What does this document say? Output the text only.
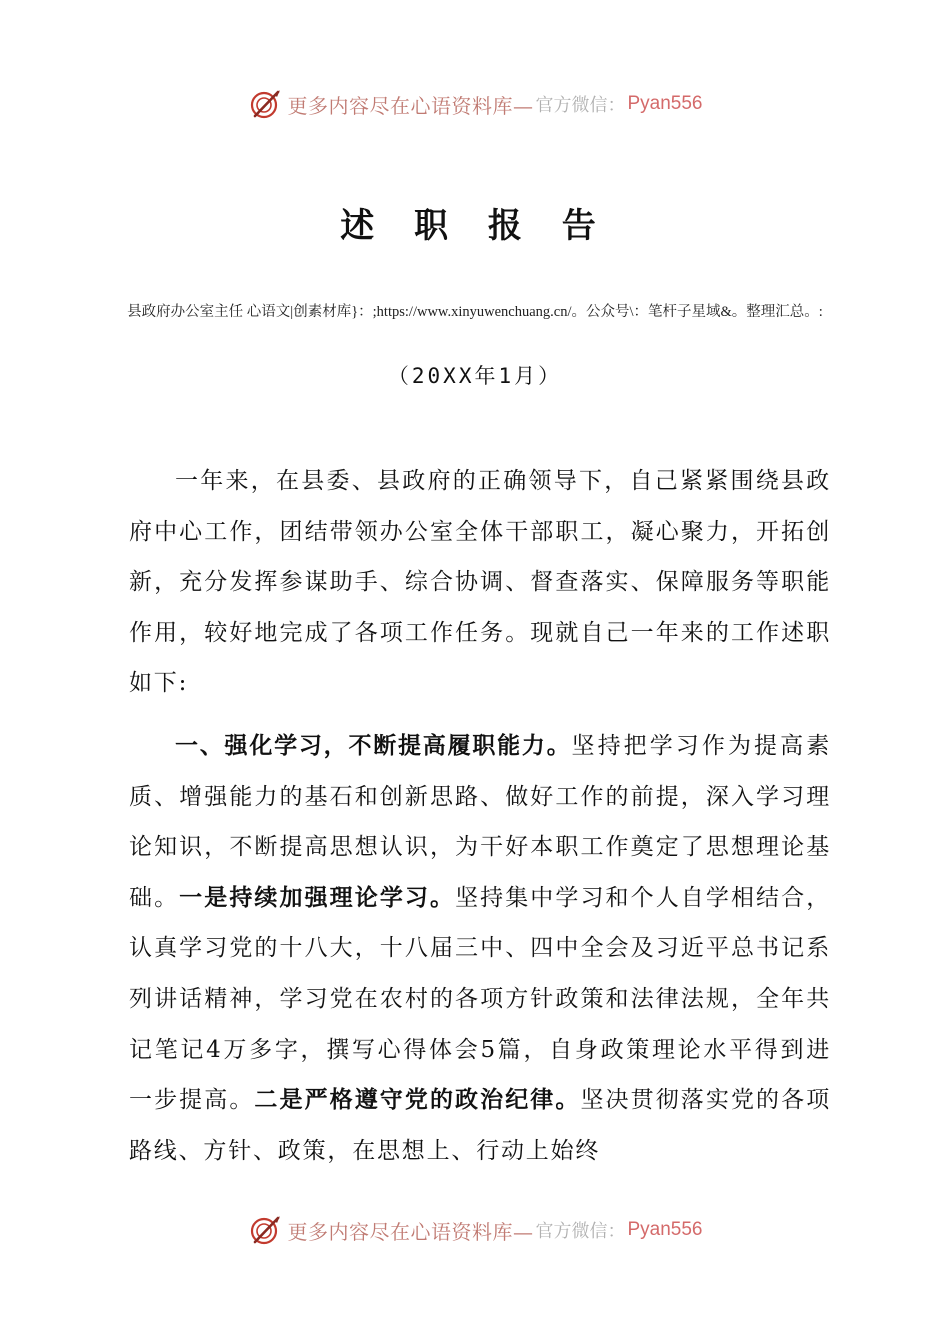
更多内容尽在心语资料库— 官方微信： Pyan556
述 职 报 告
县政府办公室主任 心语文|创素材库}：;https://www.xinyuwenchuang.cn/。公众号\：笔杆子星域&。整理汇总。:
（20XX年1月）

一年来，在县委、县政府的正确领导下，自己紧紧围绕县政府中心工作，团结带领办公室全体干部职工，凝心聚力，开拓创新，充分发挥参谋助手、综合协调、督查落实、保障服务等职能作用，较好地完成了各项工作任务。现就自己一年来的工作述职如下:

一、强化学习，不断提高履职能力。坚持把学习作为提高素质、增强能力的基石和创新思路、做好工作的前提，深入学习理论知识，不断提高思想认识，为干好本职工作奠定了思想理论基础。一是持续加强理论学习。坚持集中学习和个人自学相结合，认真学习党的十八大，十八届三中、四中全会及习近平总书记系列讲话精神，学习党在农村的各项方针政策和法律法规，全年共记笔记4万多字，撰写心得体会5篇，自身政策理论水平得到进一步提高。二是严格遵守党的政治纪律。坚决贯彻落实党的各项路线、方针、政策，在思想上、行动上始终

更多内容尽在心语资料库— 官方微信： Pyan556
